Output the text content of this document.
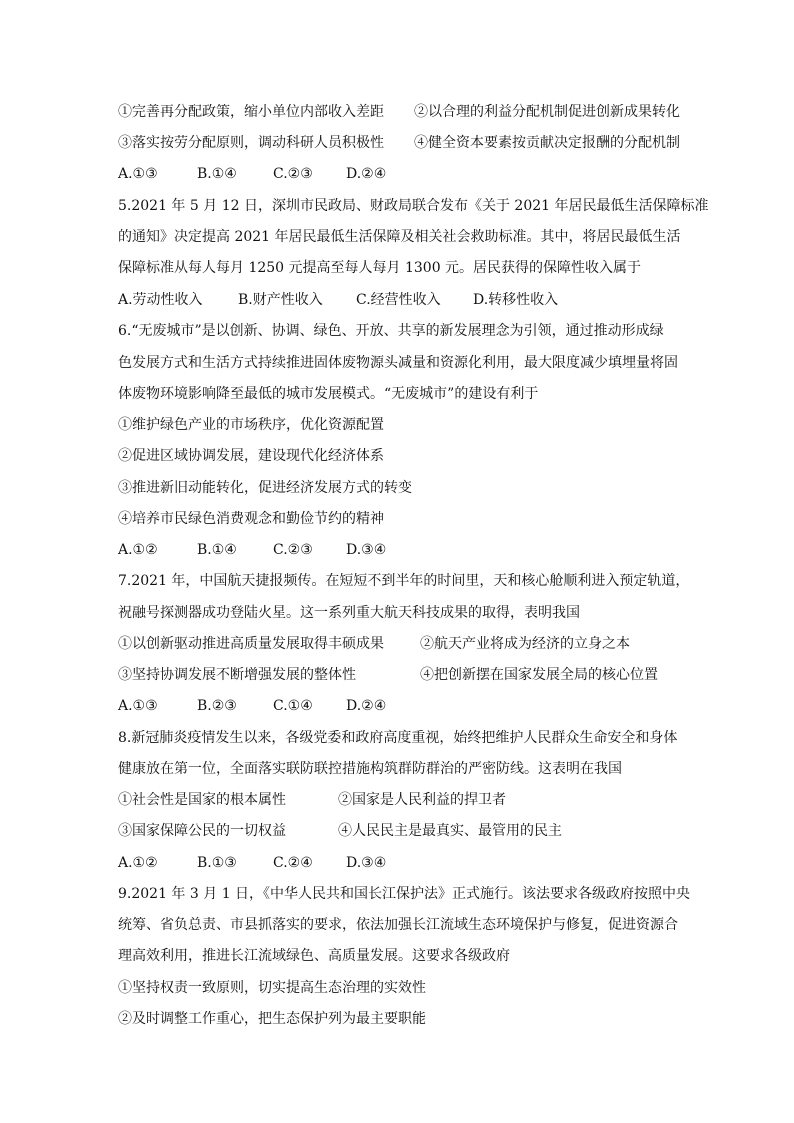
①完善再分配政策，缩小单位内部收入差距 ②以合理的利益分配机制促进创新成果转化
③落实按劳分配原则，调动科研人员积极性 ④健全资本要素按贡献决定报酬的分配机制
A.①③	B.①④	C.②③ D.②④
5.2021 年 5 月 12 日，深圳市民政局、财政局联合发布《关于 2021 年居民最低生活保障标准
的通知》决定提高 2021 年居民最低生活保障及相关社会救助标准。其中，将居民最低生活
保障标准从每人每月 1250 元提高至每人每月 1300 元。居民获得的保障性收入属于
A.劳动性收入	B.财产性收入 C.经营性收入 D.转移性收入
6.“无废城市”是以创新、协调、绿色、开放、共享的新发展理念为引领，通过推动形成绿
色发展方式和生活方式持续推进固体废物源头减量和资源化利用，最大限度减少填埋量将固
体废物环境影响降至最低的城市发展模式。“无废城市”的建设有利于
①维护绿色产业的市场秩序，优化资源配置
②促进区域协调发展，建设现代化经济体系
③推进新旧动能转化，促进经济发展方式的转变
④培养市民绿色消费观念和勤俭节约的精神
A.①②	B.①④	C.②③ D.③④
7.2021 年，中国航天捷报频传。在短短不到半年的时间里，天和核心舱顺利进入预定轨道，
祝融号探测器成功登陆火星。这一系列重大航天科技成果的取得，表明我国
①以创新驱动推进高质量发展取得丰硕成果	②航天产业将成为经济的立身之本
③坚持协调发展不断增强发展的整体性	④把创新摆在国家发展全局的核心位置
A.①③	B.②③	C.①④ D.②④
8.新冠肺炎疫情发生以来，各级党委和政府高度重视，始终把维护人民群众生命安全和身体
健康放在第一位，全面落实联防联控措施构筑群防群治的严密防线。这表明在我国
①社会性是国家的根本属性	②国家是人民利益的捍卫者
③国家保障公民的一切权益	④人民民主是最真实、最管用的民主
A.①②	B.①③	C.②④ D.③④
9.2021 年 3 月 1 日，《中华人民共和国长江保护法》正式施行。该法要求各级政府按照中央
统筹、省负总责、市县抓落实的要求，依法加强长江流域生态环境保护与修复，促进资源合
理高效利用，推进长江流域绿色、高质量发展。这要求各级政府
①坚持权责一致原则，切实提高生态治理的实效性
②及时调整工作重心，把生态保护列为最主要职能
